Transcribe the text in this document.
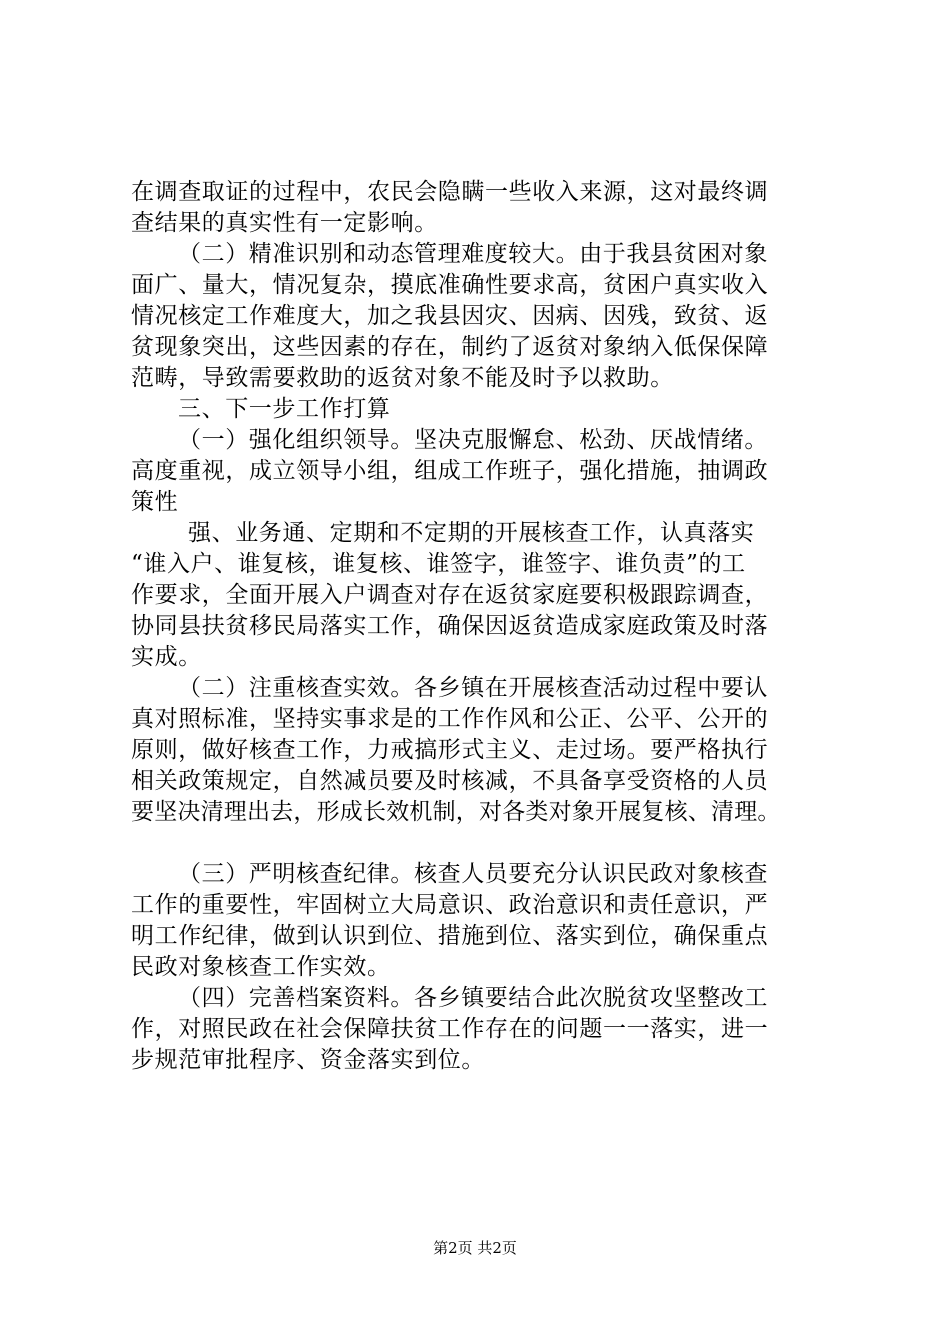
在调查取证的过程中，农民会隐瞒一些收入来源，这对最终调
查结果的真实性有一定影响。
（二）精准识别和动态管理难度较大。由于我县贫困对象
面广、量大，情况复杂，摸底准确性要求高，贫困户真实收入
情况核定工作难度大，加之我县因灾、因病、因残，致贫、返
贫现象突出，这些因素的存在，制约了返贫对象纳入低保保障
范畴，导致需要救助的返贫对象不能及时予以救助。
三、下一步工作打算
（一）强化组织领导。坚决克服懈怠、松劲、厌战情绪。
高度重视，成立领导小组，组成工作班子，强化措施，抽调政
策性
强、业务通、定期和不定期的开展核查工作，认真落实
“谁入户、谁复核，谁复核、谁签字，谁签字、谁负责”的工
作要求，全面开展入户调查对存在返贫家庭要积极跟踪调查，
协同县扶贫移民局落实工作，确保因返贫造成家庭政策及时落
实成。
（二）注重核查实效。各乡镇在开展核查活动过程中要认
真对照标准，坚持实事求是的工作作风和公正、公平、公开的
原则，做好核查工作，力戒搞形式主义、走过场。要严格执行
相关政策规定，自然减员要及时核减，不具备享受资格的人员
要坚决清理出去，形成长效机制，对各类对象开展复核、清理。
（三）严明核查纪律。核查人员要充分认识民政对象核查
工作的重要性，牢固树立大局意识、政治意识和责任意识，严
明工作纪律，做到认识到位、措施到位、落实到位，确保重点
民政对象核查工作实效。
（四）完善档案资料。各乡镇要结合此次脱贫攻坚整改工
作，对照民政在社会保障扶贫工作存在的问题一一落实，进一
步规范审批程序、资金落实到位。
第2页 共2页
